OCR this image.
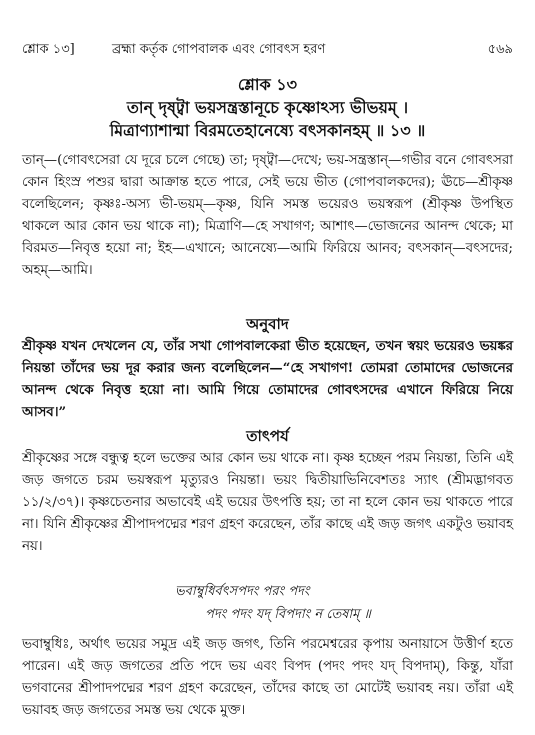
শ্লোক ১৩]	ব্রহ্মা কর্তৃক গোপবালক এবং গোবৎস হরণ	৫৬৯
শ্লোক ১৩
তান্‌ দৃষ্ট্বা ভয়সন্ত্রস্তানূচে কৃষ্ণোঽস্য ভীভয়ম্‌ ।
মিত্রাণ্যাশান্মা বিরমতেহানেষ্যে বৎসকানহম্‌ ॥ ১৩ ॥
তান্‌—(গোবৎসেরা যে দূরে চলে গেছে) তা; দৃষ্ট্বা—দেখে; ভয়-সন্ত্রস্তান্‌—গভীর বনে গোবৎসরা কোন হিংস্র পশুর দ্বারা আক্রান্ত হতে পারে, সেই ভয়ে ভীত (গোপবালকদের); ঊচে—শ্রীকৃষ্ণ বলেছিলেন; কৃষ্ণঃ-অস্য ভী-ভয়ম্‌—কৃষ্ণ, যিনি সমস্ত ভয়েরও ভয়স্বরূপ (শ্রীকৃষ্ণ উপস্থিত থাকলে আর কোন ভয় থাকে না); মিত্রাণি—হে সখাগণ; আশাৎ—ভোজনের আনন্দ থেকে; মা বিরমত—নিবৃত্ত হয়ো না; ইহ—এখানে; আনেষ্যে—আমি ফিরিয়ে আনব; বৎসকান্‌—বৎসদের; অহম্‌—আমি।
অনুবাদ
শ্রীকৃষ্ণ যখন দেখলেন যে, তাঁর সখা গোপবালকেরা ভীত হয়েছেন, তখন স্বয়ং ভয়েরও ভয়ঙ্কর নিয়ন্তা তাঁদের ভয় দূর করার জন্য বলেছিলেন—“হে সখাগণ! তোমরা তোমাদের ভোজনের আনন্দ থেকে নিবৃত্ত হয়ো না। আমি গিয়ে তোমাদের গোবৎসদের এখানে ফিরিয়ে নিয়ে আসব।”
তাৎপর্য
শ্রীকৃষ্ণের সঙ্গে বন্ধুত্ব হলে ভক্তের আর কোন ভয় থাকে না। কৃষ্ণ হচ্ছেন পরম নিয়ন্তা, তিনি এই জড় জগতে চরম ভয়স্বরূপ মৃত্যুরও নিয়ন্তা। ভয়ং দ্বিতীয়াভিনিবেশতঃ স্যাৎ (শ্রীমদ্ভাগবত ১১/২/৩৭)। কৃষ্ণচেতনার অভাবেই এই ভয়ের উৎপত্তি হয়; তা না হলে কোন ভয় থাকতে পারে না। যিনি শ্রীকৃষ্ণের শ্রীপাদপদ্মের শরণ গ্রহণ করেছেন, তাঁর কাছে এই জড় জগৎ একটুও ভয়াবহ নয়।
ভবাম্বুধির্বৎসপদং পরং পদং
পদং পদং যদ্‌ বিপদাং ন তেষাম্‌ ॥
ভবাম্বুধিঃ, অর্থাৎ ভয়ের সমুদ্র এই জড় জগৎ, তিনি পরমেশ্বরের কৃপায় অনায়াসে উত্তীর্ণ হতে পারেন। এই জড় জগতের প্রতি পদে ভয় এবং বিপদ (পদং পদং যদ্‌ বিপদাম্‌), কিন্তু, যাঁরা ভগবানের শ্রীপাদপদ্মের শরণ গ্রহণ করেছেন, তাঁদের কাছে তা মোটেই ভয়াবহ নয়। তাঁরা এই ভয়াবহ জড় জগতের সমস্ত ভয় থেকে মুক্ত।
